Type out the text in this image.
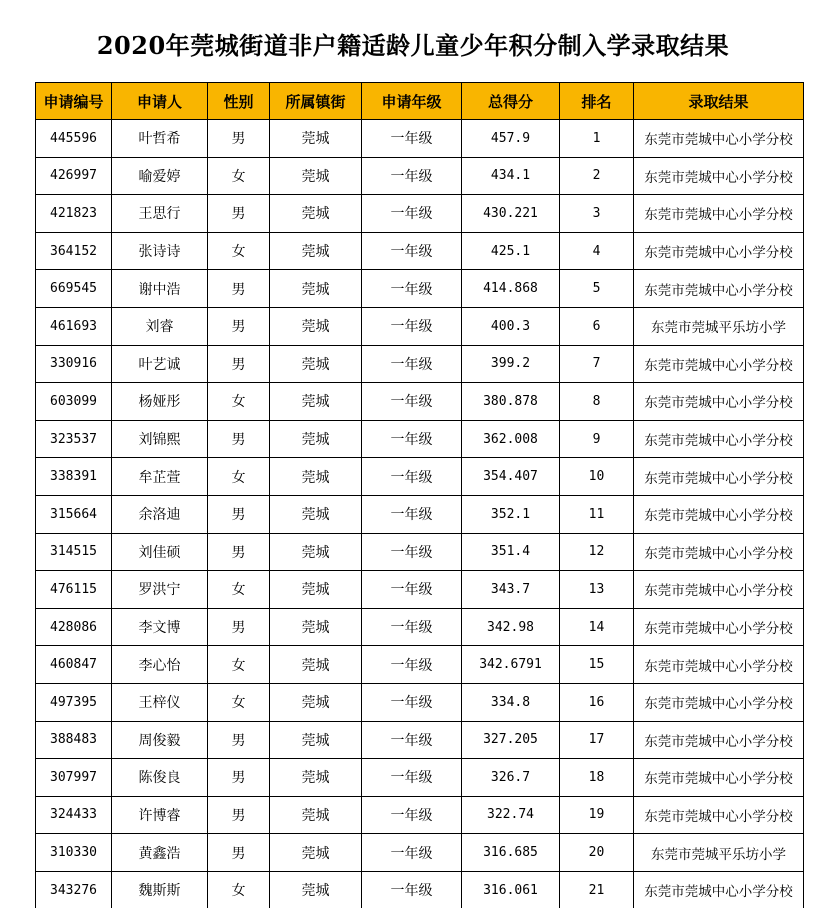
2020年莞城街道非户籍适龄儿童少年积分制入学录取结果
申请编号	申请人	性别	所属镇街	申请年级	总得分	排名	录取结果
445596	叶哲希	男	莞城	一年级	457.9	1	东莞市莞城中心小学分校
426997	喻爱婷	女	莞城	一年级	434.1	2	东莞市莞城中心小学分校
421823	王思行	男	莞城	一年级	430.221	3	东莞市莞城中心小学分校
364152	张诗诗	女	莞城	一年级	425.1	4	东莞市莞城中心小学分校
669545	谢中浩	男	莞城	一年级	414.868	5	东莞市莞城中心小学分校
461693	刘睿	男	莞城	一年级	400.3	6	东莞市莞城平乐坊小学
330916	叶艺诚	男	莞城	一年级	399.2	7	东莞市莞城中心小学分校
603099	杨娅彤	女	莞城	一年级	380.878	8	东莞市莞城中心小学分校
323537	刘锦熙	男	莞城	一年级	362.008	9	东莞市莞城中心小学分校
338391	牟芷萱	女	莞城	一年级	354.407	10	东莞市莞城中心小学分校
315664	余洛迪	男	莞城	一年级	352.1	11	东莞市莞城中心小学分校
314515	刘佳硕	男	莞城	一年级	351.4	12	东莞市莞城中心小学分校
476115	罗洪宁	女	莞城	一年级	343.7	13	东莞市莞城中心小学分校
428086	李文博	男	莞城	一年级	342.98	14	东莞市莞城中心小学分校
460847	李心怡	女	莞城	一年级	342.6791	15	东莞市莞城中心小学分校
497395	王梓仪	女	莞城	一年级	334.8	16	东莞市莞城中心小学分校
388483	周俊毅	男	莞城	一年级	327.205	17	东莞市莞城中心小学分校
307997	陈俊良	男	莞城	一年级	326.7	18	东莞市莞城中心小学分校
324433	许博睿	男	莞城	一年级	322.74	19	东莞市莞城中心小学分校
310330	黄鑫浩	男	莞城	一年级	316.685	20	东莞市莞城平乐坊小学
343276	魏斯斯	女	莞城	一年级	316.061	21	东莞市莞城中心小学分校
